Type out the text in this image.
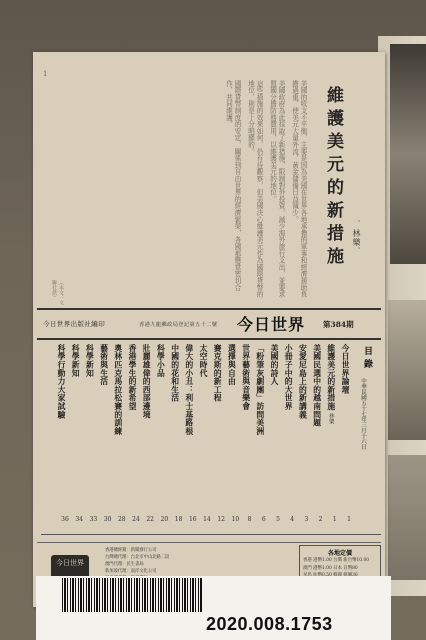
1

美國的收支不平衡，主要是因為美國在世界各地承擔的軍事和經濟援助負擔過重，使美元大量外流，黃金儲備日益減少。

美國政府為此採取了新措施，限制對外投資，減少海外旅行支出，並要求盟國分擔防務費用，以維護美元的地位。

這些措施的效果如何，仍有待觀察，但美國決心維護美元作為國際貨幣的地位，則是十分明顯的。

國際貨幣制度的安定，關係到自由世界的經濟繁榮，各國都應當密切合作，共同維護。

（本文：文聯社供）
維護美元的新措施 ．林樂．
今日世界出版社編印	香港九龍郵政局登記第五十二號 今日世界 第384期
目錄
中華民國五十七年三月十六日
今日世界論壇
1
維護美元的新措施林樂
1
美國民選中的越南問題
2
安愛尼島上的新講義
3
小冊子中的大世界
4
美國的詩人
5
「粉筆灰劇團」訪問美洲
6
世界藝術與音樂會
8
選擇與自由
10
賽克斯的新工程
12
太空時代
14
偉大的小丑：利士基路根
16
中國的花和生活
18
科學小品
20
壯麗雄偉的西部邊境
22
香港學生的新希望
24
奧林匹克馬拉松賽的訓練
28
藝術與生活
30
科學新知
33
科學新知
34
科學行動力大家試驗
36
今日世界
香港總經銷：新聞發行公司
台灣總代理：台北市中山北路二段
澳門代理：民生書局
新加坡代理：南洋文化公司
各地定價
香港 港幣1.00 台灣 新台幣10.00
澳門 港幣1.00 日本 日幣80
2020.008.1753
